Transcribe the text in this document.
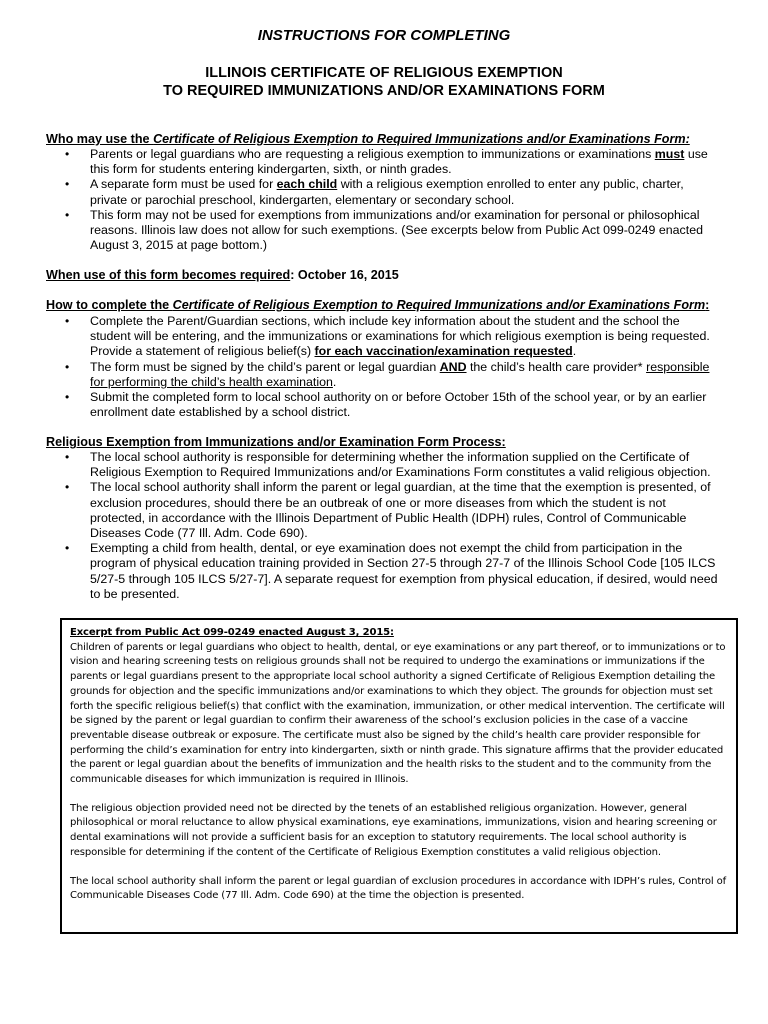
INSTRUCTIONS FOR COMPLETING
ILLINOIS CERTIFICATE OF RELIGIOUS EXEMPTION
TO REQUIRED IMMUNIZATIONS AND/OR EXAMINATIONS FORM
Who may use the Certificate of Religious Exemption to Required Immunizations and/or Examinations Form:
• Parents or legal guardians who are requesting a religious exemption to immunizations or examinations must use this form for students entering kindergarten, sixth, or ninth grades.
• A separate form must be used for each child with a religious exemption enrolled to enter any public, charter, private or parochial preschool, kindergarten, elementary or secondary school.
• This form may not be used for exemptions from immunizations and/or examination for personal or philosophical reasons. Illinois law does not allow for such exemptions. (See excerpts below from Public Act 099-0249 enacted August 3, 2015 at page bottom.)
When use of this form becomes required: October 16, 2015
How to complete the Certificate of Religious Exemption to Required Immunizations and/or Examinations Form:
• Complete the Parent/Guardian sections, which include key information about the student and the school the student will be entering, and the immunizations or examinations for which religious exemption is being requested. Provide a statement of religious belief(s) for each vaccination/examination requested.
• The form must be signed by the child’s parent or legal guardian AND the child’s health care provider* responsible for performing the child’s health examination.
• Submit the completed form to local school authority on or before October 15th of the school year, or by an earlier enrollment date established by a school district.
Religious Exemption from Immunizations and/or Examination Form Process:
• The local school authority is responsible for determining whether the information supplied on the Certificate of Religious Exemption to Required Immunizations and/or Examinations Form constitutes a valid religious objection.
• The local school authority shall inform the parent or legal guardian, at the time that the exemption is presented, of exclusion procedures, should there be an outbreak of one or more diseases from which the student is not protected, in accordance with the Illinois Department of Public Health (IDPH) rules, Control of Communicable Diseases Code (77 Ill. Adm. Code 690).
• Exempting a child from health, dental, or eye examination does not exempt the child from participation in the program of physical education training provided in Section 27-5 through 27-7 of the Illinois School Code [105 ILCS 5/27-5 through 105 ILCS 5/27-7]. A separate request for exemption from physical education, if desired, would need to be presented.
Excerpt from Public Act 099-0249 enacted August 3, 2015:

Children of parents or legal guardians who object to health, dental, or eye examinations or any part thereof, or to immunizations or to vision and hearing screening tests on religious grounds shall not be required to undergo the examinations or immunizations if the parents or legal guardians present to the appropriate local school authority a signed Certificate of Religious Exemption detailing the grounds for objection and the specific immunizations and/or examinations to which they object. The grounds for objection must set forth the specific religious belief(s) that conflict with the examination, immunization, or other medical intervention. The certificate will be signed by the parent or legal guardian to confirm their awareness of the school’s exclusion policies in the case of a vaccine preventable disease outbreak or exposure. The certificate must also be signed by the child’s health care provider responsible for performing the child’s examination for entry into kindergarten, sixth or ninth grade. This signature affirms that the provider educated the parent or legal guardian about the benefits of immunization and the health risks to the student and to the community from the communicable diseases for which immunization is required in Illinois.

The religious objection provided need not be directed by the tenets of an established religious organization. However, general philosophical or moral reluctance to allow physical examinations, eye examinations, immunizations, vision and hearing screening or dental examinations will not provide a sufficient basis for an exception to statutory requirements. The local school authority is responsible for determining if the content of the Certificate of Religious Exemption constitutes a valid religious objection.

The local school authority shall inform the parent or legal guardian of exclusion procedures in accordance with IDPH’s rules, Control of Communicable Diseases Code (77 Ill. Adm. Code 690) at the time the objection is presented.
